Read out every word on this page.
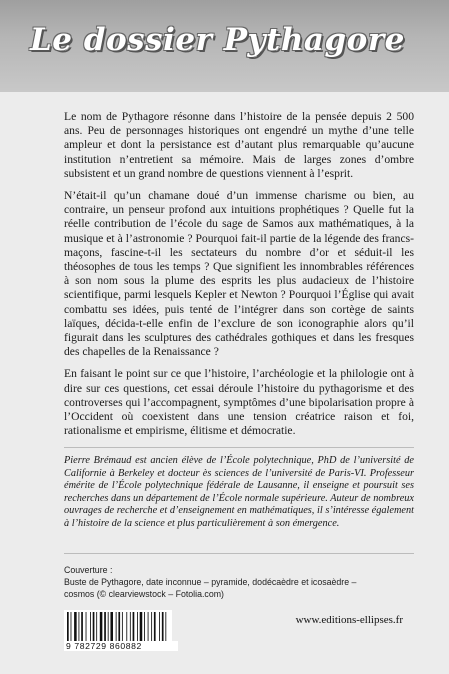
Le dossier Pythagore

Le nom de Pythagore résonne dans l’histoire de la pensée depuis 2 500 ans. Peu de personnages historiques ont engendré un mythe d’une telle ampleur et dont la persistance est d’autant plus remarquable qu’aucune institution n’entretient sa mémoire. Mais de larges zones d’ombre subsistent et un grand nombre de questions viennent à l’esprit.

N’était-il qu’un chamane doué d’un immense charisme ou bien, au contraire, un penseur profond aux intuitions prophétiques ? Quelle fut la réelle contribution de l’école du sage de Samos aux mathématiques, à la musique et à l’astronomie ? Pourquoi fait-il partie de la légende des francs-maçons, fascine-t-il les sectateurs du nombre d’or et séduit-il les théosophes de tous les temps ? Que signifient les innombrables références à son nom sous la plume des esprits les plus audacieux de l’histoire scientifique, parmi lesquels Kepler et Newton ? Pourquoi l’Église qui avait combattu ses idées, puis tenté de l’intégrer dans son cortège de saints laïques, décida-t-elle enfin de l’exclure de son iconographie alors qu’il figurait dans les sculptures des cathédrales gothiques et dans les fresques des chapelles de la Renaissance ?

En faisant le point sur ce que l’histoire, l’archéologie et la philologie ont à dire sur ces questions, cet essai déroule l’histoire du pythagorisme et des controverses qui l’accompagnent, symptômes d’une bipolarisation propre à l’Occident où coexistent dans une tension créatrice raison et foi, rationalisme et empirisme, élitisme et démocratie.

Pierre Brémaud est ancien élève de l’École polytechnique, PhD de l’université de Californie à Berkeley et docteur ès sciences de l’université de Paris-VI. Professeur émérite de l’École polytechnique fédérale de Lausanne, il enseigne et poursuit ses recherches dans un département de l’École normale supérieure. Auteur de nombreux ouvrages de recherche et d’enseignement en mathématiques, il s’intéresse également à l’histoire de la science et plus particulièrement à son émergence.
Couverture :
Buste de Pythagore, date inconnue – pyramide, dodécaèdre et icosaèdre –
cosmos (© clearviewstock – Fotolia.com)
9 782729 860882
www.editions-ellipses.fr
